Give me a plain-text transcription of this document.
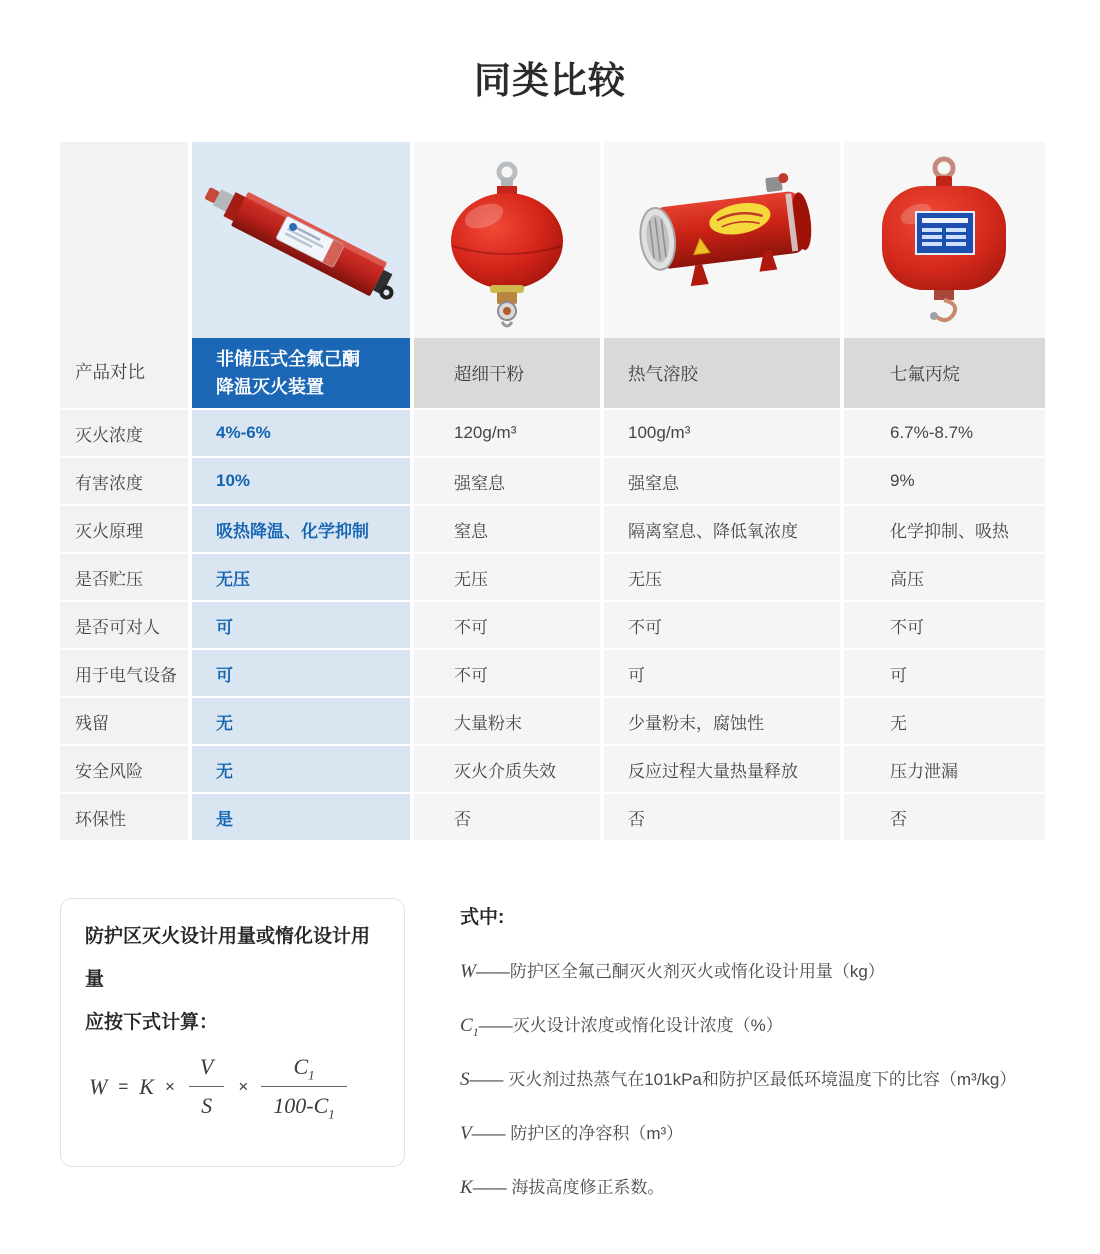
同类比较
产品对比
灭火浓度
有害浓度
灭火原理
是否贮压
是否可对人
用于电气设备
残留
安全风险
环保性
非储压式全氟己酮
降温灭火装置
4%-6%
10%
吸热降温、化学抑制
无压
可
可
无
无
是
超细干粉
120g/m³
强窒息
窒息
无压
不可
不可
大量粉末
灭火介质失效
否
热气溶胶
100g/m³
强窒息
隔离窒息、降低氧浓度
无压
不可
可
少量粉末，腐蚀性
反应过程大量热量释放
否
七氟丙烷
6.7%-8.7%
9%
化学抑制、吸热
高压
不可
可
无
压力泄漏
否
防护区灭火设计用量或惰化设计用量
应按下式计算：
$W = K \times \frac{V}{S} \times \frac{C_1}{100-C_1}$
式中:
W ——防护区全氟己酮灭火剂灭火或惰化设计用量（kg）
$C_1$ ——灭火设计浓度或惰化设计浓度（%）
S —— 灭火剂过热蒸气在101kPa和防护区最低环境温度下的比容（m³/kg）
V —— 防护区的净容积（m³）
K —— 海拔高度修正系数。
